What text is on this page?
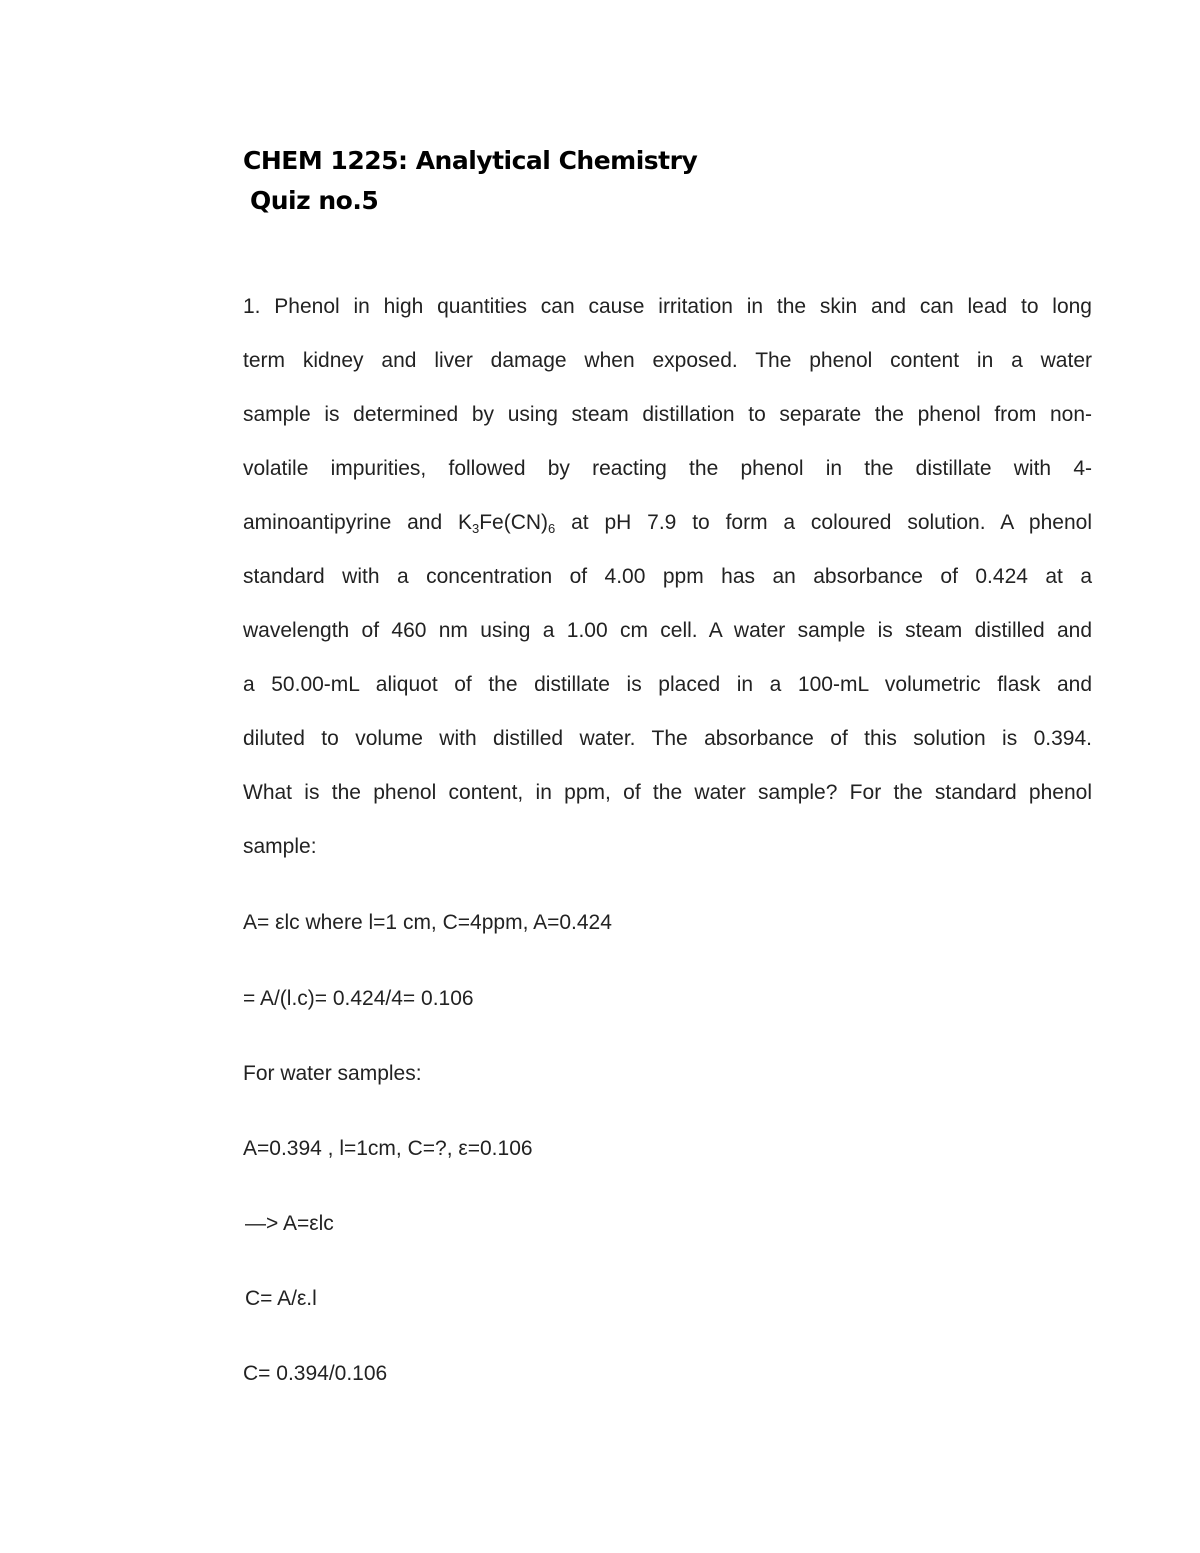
CHEM 1225: Analytical Chemistry
Quiz no.5
1. Phenol in high quantities can cause irritation in the skin and can lead to long
term kidney and liver damage when exposed. The phenol content in a water
sample is determined by using steam distillation to separate the phenol from non-
volatile impurities, followed by reacting the phenol in the distillate with 4-
aminoantipyrine and $K_3Fe(CN)_6$ at pH 7.9 to form a coloured solution. A phenol
standard with a concentration of 4.00 ppm has an absorbance of 0.424 at a
wavelength of 460 nm using a 1.00 cm cell. A water sample is steam distilled and
a 50.00-mL aliquot of the distillate is placed in a 100-mL volumetric flask and
diluted to volume with distilled water. The absorbance of this solution is 0.394.
What is the phenol content, in ppm, of the water sample? For the standard phenol
sample:
A= εlc where l=1 cm, C=4ppm, A=0.424
= A/(l.c)= 0.424/4= 0.106
For water samples:
A=0.394 , l=1cm, C=?, ε=0.106
—> A=εlc
C= A/ε.l
C= 0.394/0.106
